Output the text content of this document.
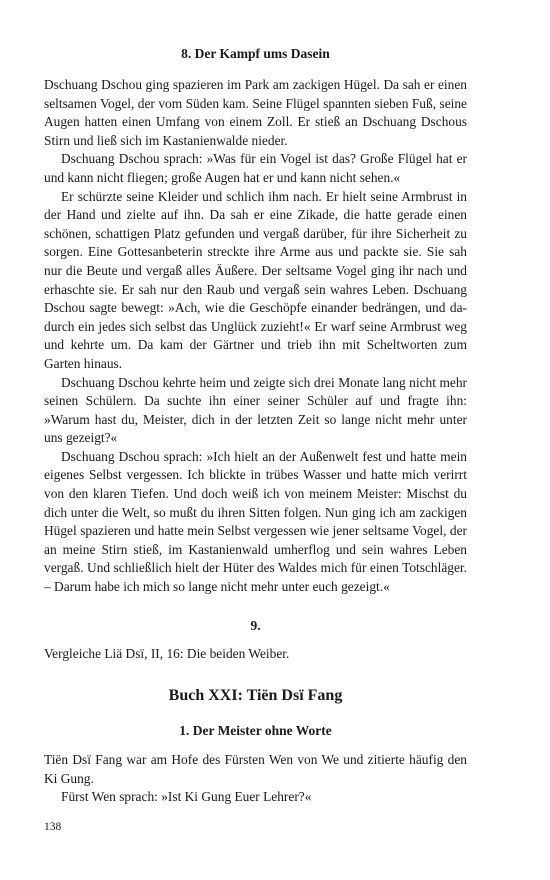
8. Der Kampf ums Dasein

Dschuang Dschou ging spazieren im Park am zackigen Hügel. Da sah er einen seltsamen Vogel, der vom Süden kam. Seine Flügel spannten sieben Fuß, seine Augen hatten einen Umfang von einem Zoll. Er stieß an Dschuang Dschous Stirn und ließ sich im Kastanienwalde nieder.

Dschuang Dschou sprach: »Was für ein Vogel ist das? Große Flügel hat er und kann nicht fliegen; große Augen hat er und kann nicht sehen.«

Er schürzte seine Kleider und schlich ihm nach. Er hielt seine Armbrust in der Hand und zielte auf ihn. Da sah er eine Zikade, die hatte gerade einen schönen, schattigen Platz gefunden und vergaß darüber, für ihre Sicherheit zu sorgen. Eine Gottesanbeterin streckte ihre Arme aus und packte sie. Sie sah nur die Beute und vergaß alles Äußere. Der seltsame Vogel ging ihr nach und erhaschte sie. Er sah nur den Raub und vergaß sein wahres Leben. Dschuang Dschou sagte bewegt: »Ach, wie die Geschöpfe einander bedrängen, und dadurch ein jedes sich selbst das Unglück zuzieht!« Er warf seine Armbrust weg und kehrte um. Da kam der Gärtner und trieb ihn mit Scheltworten zum Garten hinaus.

Dschuang Dschou kehrte heim und zeigte sich drei Monate lang nicht mehr seinen Schülern. Da suchte ihn einer seiner Schüler auf und fragte ihn: »Warum hast du, Meister, dich in der letzten Zeit so lange nicht mehr unter uns gezeigt?«

Dschuang Dschou sprach: »Ich hielt an der Außenwelt fest und hatte mein eigenes Selbst vergessen. Ich blickte in trübes Wasser und hatte mich verirrt von den klaren Tiefen. Und doch weiß ich von meinem Meister: Mischst du dich unter die Welt, so mußt du ihren Sitten folgen. Nun ging ich am zackigen Hügel spazieren und hatte mein Selbst vergessen wie jener seltsame Vogel, der an meine Stirn stieß, im Kastanienwald umherflog und sein wahres Leben vergaß. Und schließlich hielt der Hüter des Waldes mich für einen Totschläger. – Darum habe ich mich so lange nicht mehr unter euch gezeigt.«

9.

Vergleiche Liä Dsï, II, 16: Die beiden Weiber.

Buch XXI: Tiën Dsï Fang
1. Der Meister ohne Worte

Tiën Dsï Fang war am Hofe des Fürsten Wen von We und zitierte häufig den Ki Gung.

Fürst Wen sprach: »Ist Ki Gung Euer Lehrer?«

138
